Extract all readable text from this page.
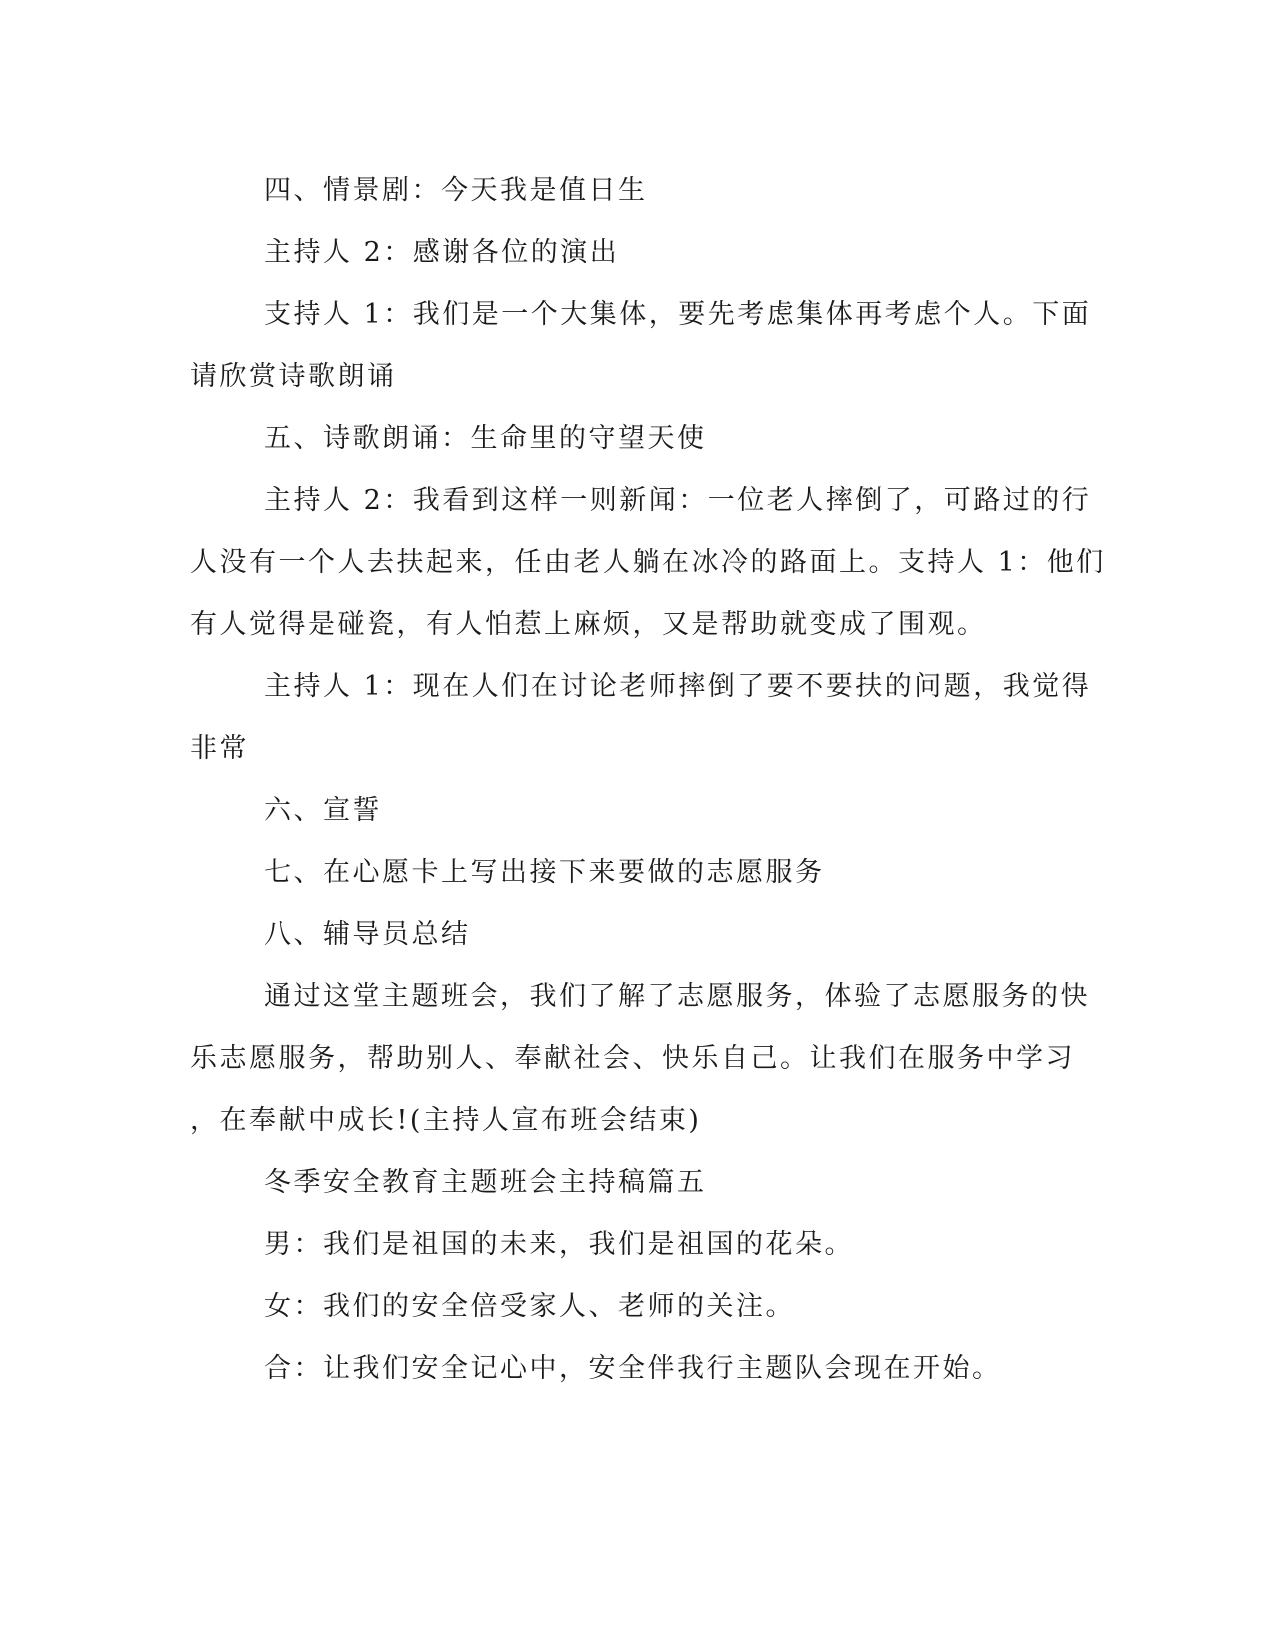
四、情景剧：今天我是值日生
主持人 2：感谢各位的演出
支持人 1：我们是一个大集体，要先考虑集体再考虑个人。下面
请欣赏诗歌朗诵
五、诗歌朗诵：生命里的守望天使
主持人 2：我看到这样一则新闻：一位老人摔倒了，可路过的行
人没有一个人去扶起来，任由老人躺在冰冷的路面上。支持人 1：他们
有人觉得是碰瓷，有人怕惹上麻烦，又是帮助就变成了围观。
主持人 1：现在人们在讨论老师摔倒了要不要扶的问题，我觉得
非常
六、宣誓
七、在心愿卡上写出接下来要做的志愿服务
八、辅导员总结
通过这堂主题班会，我们了解了志愿服务，体验了志愿服务的快
乐志愿服务，帮助别人、奉献社会、快乐自己。让我们在服务中学习
，在奉献中成长!(主持人宣布班会结束)
冬季安全教育主题班会主持稿篇五
男：我们是祖国的未来，我们是祖国的花朵。
女：我们的安全倍受家人、老师的关注。
合：让我们安全记心中，安全伴我行主题队会现在开始。
